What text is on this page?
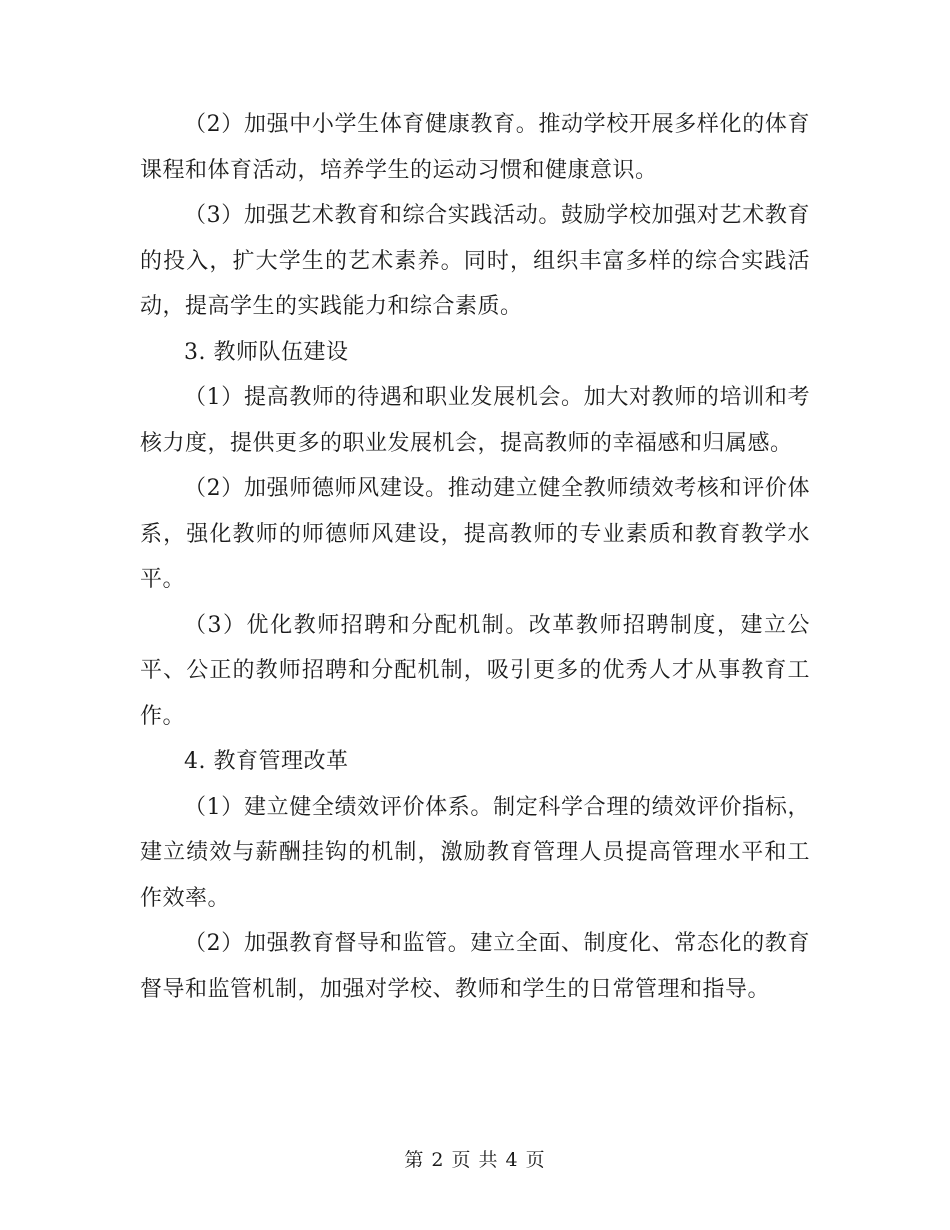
（2）加强中小学生体育健康教育。推动学校开展多样化的体育课程和体育活动，培养学生的运动习惯和健康意识。

（3）加强艺术教育和综合实践活动。鼓励学校加强对艺术教育的投入，扩大学生的艺术素养。同时，组织丰富多样的综合实践活动，提高学生的实践能力和综合素质。

3. 教师队伍建设

（1）提高教师的待遇和职业发展机会。加大对教师的培训和考核力度，提供更多的职业发展机会，提高教师的幸福感和归属感。

（2）加强师德师风建设。推动建立健全教师绩效考核和评价体系，强化教师的师德师风建设，提高教师的专业素质和教育教学水平。

（3）优化教师招聘和分配机制。改革教师招聘制度，建立公平、公正的教师招聘和分配机制，吸引更多的优秀人才从事教育工作。

4. 教育管理改革

（1）建立健全绩效评价体系。制定科学合理的绩效评价指标，建立绩效与薪酬挂钩的机制，激励教育管理人员提高管理水平和工作效率。

（2）加强教育督导和监管。建立全面、制度化、常态化的教育督导和监管机制，加强对学校、教师和学生的日常管理和指导。

第 2 页 共 4 页
